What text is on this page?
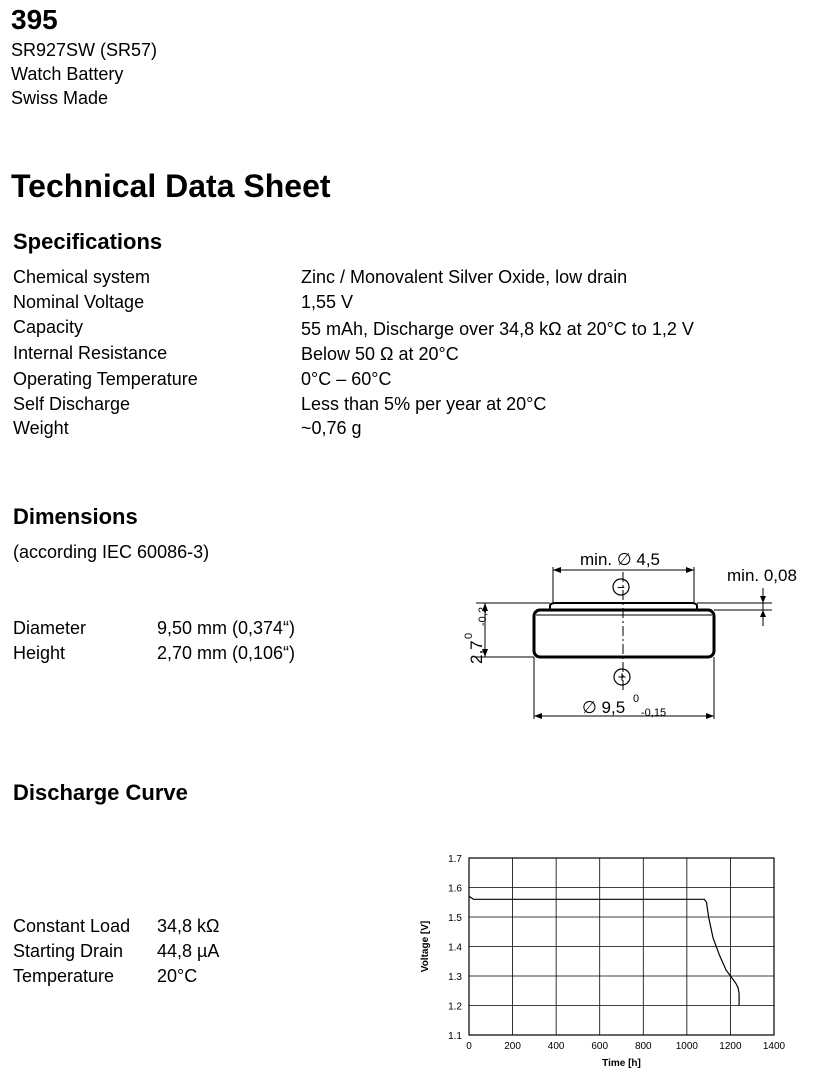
395
SR927SW (SR57)
Watch Battery
Swiss Made
Technical Data Sheet
Specifications
Chemical system	Zinc / Monovalent Silver Oxide, low drain
Nominal Voltage	1,55 V
Capacity	55 mAh, Discharge over 34,8 kΩ at 20°C to 1,2 V
Internal Resistance	Below 50 Ω at 20°C
Operating Temperature	0°C – 60°C
Self Discharge	Less than 5% per year at 20°C
Weight	~0,76 g
Dimensions
(according IEC 60086-3)
Diameter	9,50 mm (0,374“)
Height	2,70 mm (0,106“)
min. ∅ 4,5
−
+
min. 0,08
2,7
0
-0,2
∅ 9,5 0
-0,15
Discharge Curve
Constant Load 34,8 kΩ
Starting Drain 44,8 µA
Temperature 20°C
0	200	400	600	800 1000 1200 1400
1.1
1.2
1.3
1.4
1.5
1.6
1.7
Time [h]
Voltage [V]
